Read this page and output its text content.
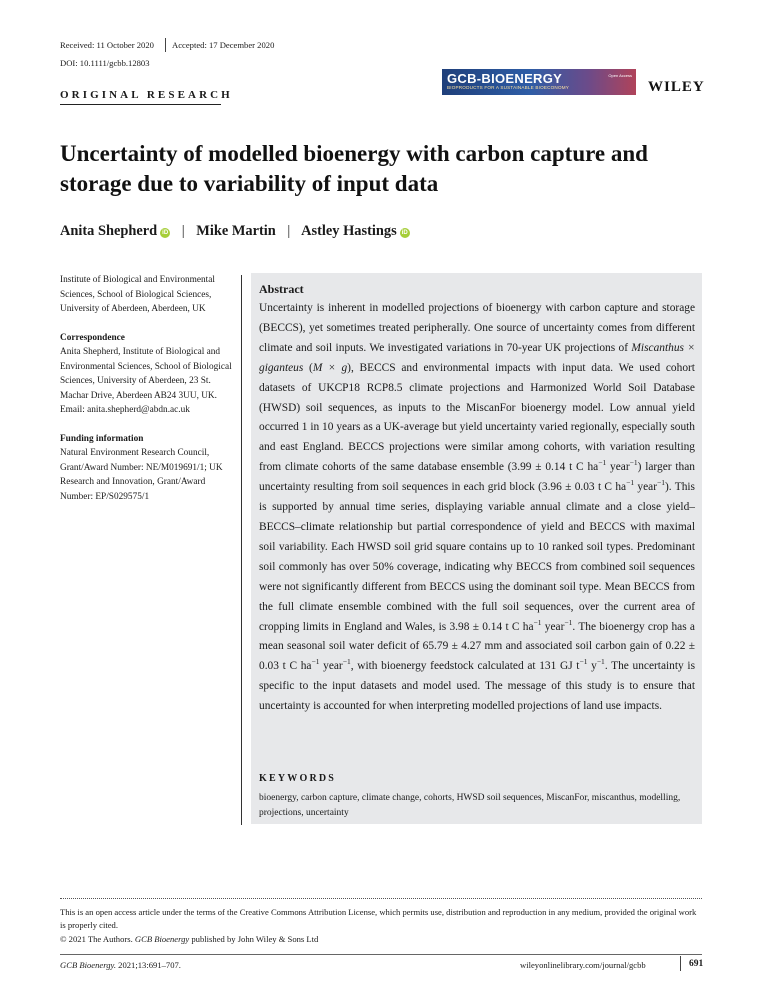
Received: 11 October 2020 Accepted: 17 December 2020
DOI: 10.1111/gcbb.12803
ORIGINAL RESEARCH
GCB-BIOENERGY
BIOPRODUCTS FOR A SUSTAINABLE BIOECONOMY
Open Access
WILEY
Uncertainty of modelled bioenergy with carbon capture and storage due to variability of input data
Anita Shepherd iD | Mike Martin | Astley Hastings iD
Institute of Biological and Environmental Sciences, School of Biological Sciences, University of Aberdeen, Aberdeen, UK
Correspondence
Anita Shepherd, Institute of Biological and Environmental Sciences, School of Biological Sciences, University of Aberdeen, 23 St. Machar Drive, Aberdeen AB24 3UU, UK.
Email: anita.shepherd@abdn.ac.uk
Funding information
Natural Environment Research Council, Grant/Award Number: NE/M019691/1; UK Research and Innovation, Grant/Award Number: EP/S029575/1
Abstract
Uncertainty is inherent in modelled projections of bioenergy with carbon capture and storage (BECCS), yet sometimes treated peripherally. One source of uncertainty comes from different climate and soil inputs. We investigated variations in 70-year UK projections of Miscanthus × giganteus (M × g), BECCS and environmental impacts with input data. We used cohort datasets of UKCP18 RCP8.5 climate projections and Harmonized World Soil Database (HWSD) soil sequences, as inputs to the MiscanFor bioenergy model. Low annual yield occurred 1 in 10 years as a UK-average but yield uncertainty varied regionally, especially south and east England. BECCS projections were similar among cohorts, with variation resulting from climate cohorts of the same database ensemble (3.99 ± 0.14 t C $ha^{-1}$ year$^{-1}$) larger than uncertainty resulting from soil sequences in each grid block (3.96 ± 0.03 t C $ha^{-1}$ year$^{-1}$). This is supported by annual time series, displaying variable annual climate and a close yield–BECCS–climate relationship but partial correspondence of yield and BECCS with maximal soil variability. Each HWSD soil grid square contains up to 10 ranked soil types. Predominant soil commonly has over 50% coverage, indicating why BECCS from combined soil sequences were not significantly different from BECCS using the dominant soil type. Mean BECCS from the full climate ensemble combined with the full soil sequences, over the current area of cropping limits in England and Wales, is 3.98 ± 0.14 t C $ha^{-1}$ year$^{-1}$. The bioenergy crop has a mean seasonal soil water deficit of 65.79 ± 4.27 mm and associated soil carbon gain of 0.22 ± 0.03 t C $ha^{-1}$ year$^{-1}$, with bioenergy feedstock calculated at 131 GJ $t^{-1}$ $y^{-1}$. The uncertainty is specific to the input datasets and model used. The message of this study is to ensure that uncertainty is accounted for when interpreting modelled projections of land use impacts.
KEYWORDS
bioenergy, carbon capture, climate change, cohorts, HWSD soil sequences, MiscanFor, miscanthus, modelling, projections, uncertainty
This is an open access article under the terms of the Creative Commons Attribution License, which permits use, distribution and reproduction in any medium, provided the original work is properly cited.
© 2021 The Authors. GCB Bioenergy published by John Wiley & Sons Ltd
GCB Bioenergy. 2021;13:691–707.	wileyonlinelibrary.com/journal/gcbb	691
